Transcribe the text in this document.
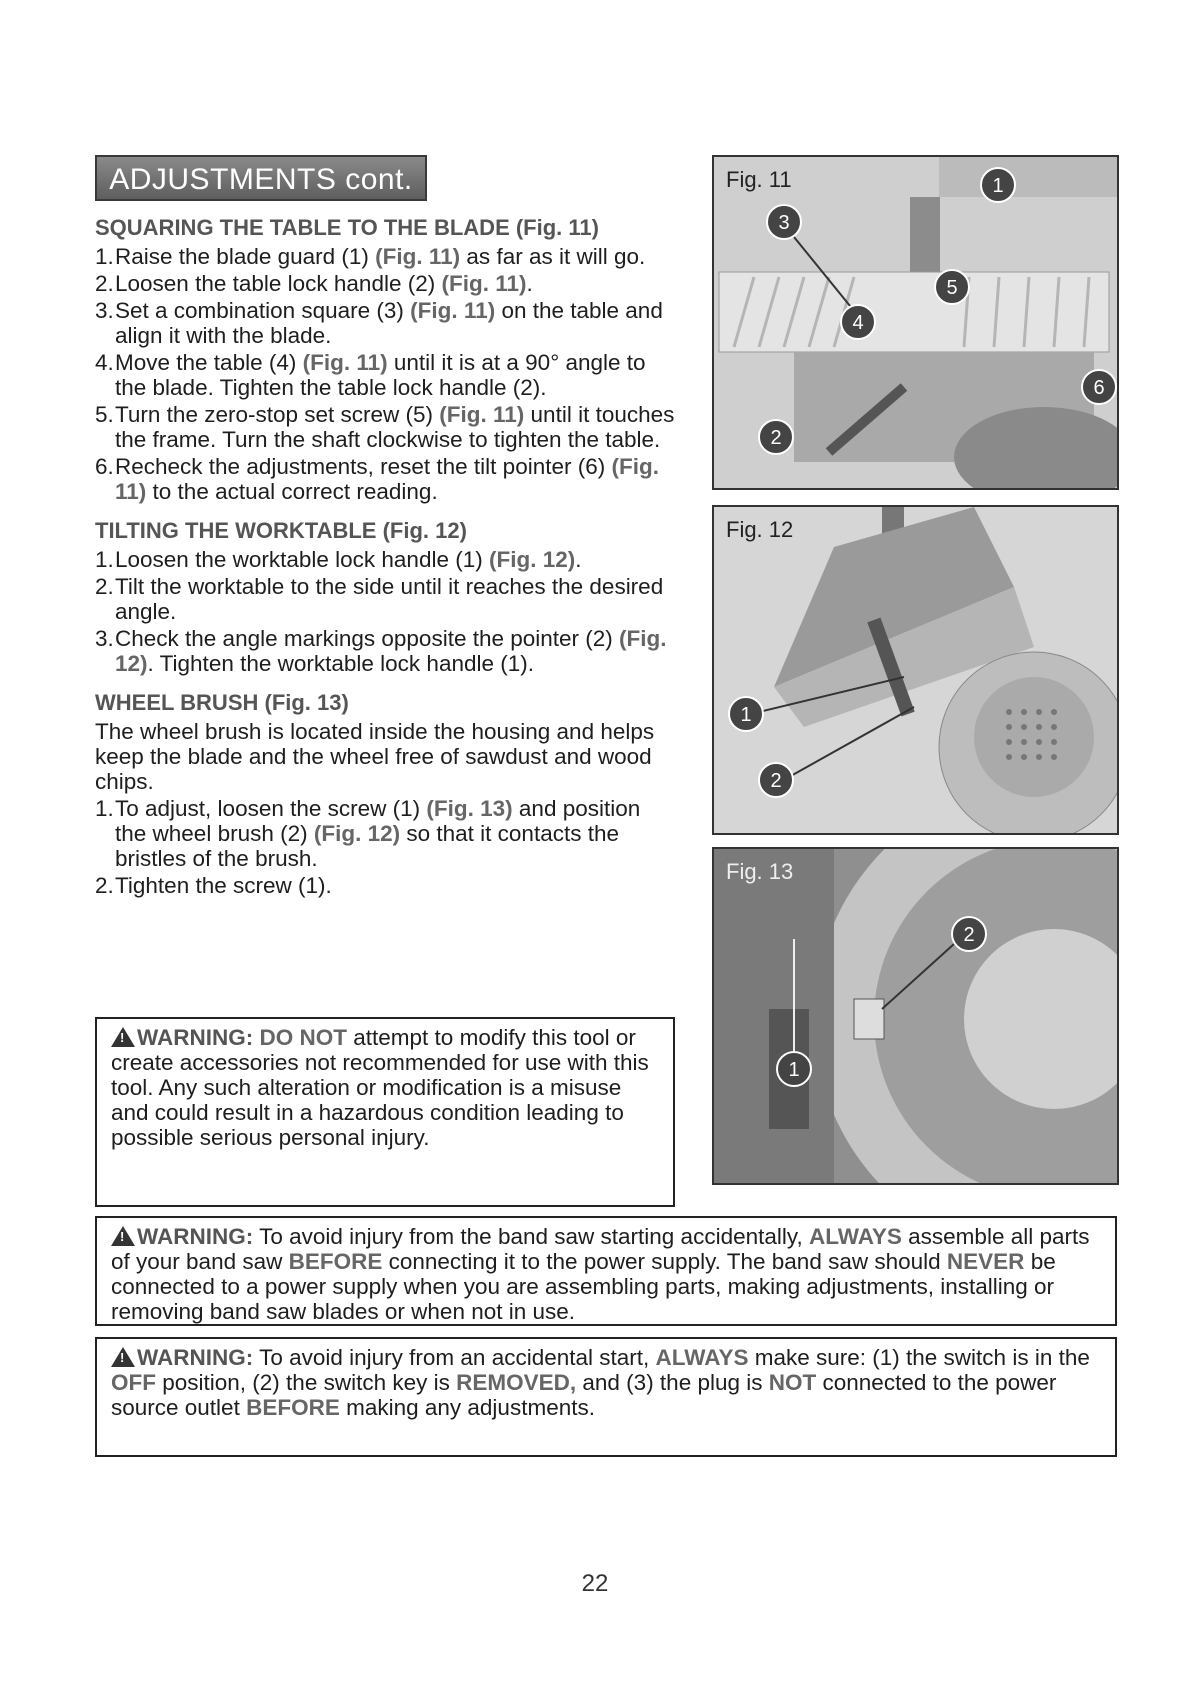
ADJUSTMENTS cont.
SQUARING THE TABLE TO THE BLADE (Fig. 11)
1. Raise the blade guard (1) (Fig. 11) as far as it will go.
2. Loosen the table lock handle (2) (Fig. 11).
3. Set a combination square (3) (Fig. 11) on the table and align it with the blade.
4. Move the table (4) (Fig. 11) until it is at a 90° angle to the blade. Tighten the table lock handle (2).
5. Turn the zero-stop set screw (5) (Fig. 11) until it touches the frame. Turn the shaft clockwise to tighten the table.
6. Recheck the adjustments, reset the tilt pointer (6) (Fig. 11) to the actual correct reading.
TILTING THE WORKTABLE (Fig. 12)
1. Loosen the worktable lock handle (1) (Fig. 12).
2. Tilt the worktable to the side until it reaches the desired angle.
3. Check the angle markings opposite the pointer (2) (Fig. 12). Tighten the worktable lock handle (1).
WHEEL BRUSH (Fig. 13)
The wheel brush is located inside the housing and helps keep the blade and the wheel free of sawdust and wood chips.
1. To adjust, loosen the screw (1) (Fig. 13) and position the wheel brush (2) (Fig. 12) so that it contacts the bristles of the brush.
2. Tighten the screw (1).
!WARNING: DO NOT attempt to modify this tool or create accessories not recommended for use with this tool. Any such alteration or modification is a misuse and could result in a hazardous condition leading to possible serious personal injury.
!WARNING: To avoid injury from the band saw starting accidentally, ALWAYS assemble all parts of your band saw BEFORE connecting it to the power supply. The band saw should NEVER be connected to a power supply when you are assembling parts, making adjustments, installing or removing band saw blades or when not in use.
!WARNING: To avoid injury from an accidental start, ALWAYS make sure: (1) the switch is in the OFF position, (2) the switch key is REMOVED, and (3) the plug is NOT connected to the power source outlet BEFORE making any adjustments.
Fig. 11	1
3
5
4
6
2
Fig. 12
1
2
Fig. 13
2
1
22
